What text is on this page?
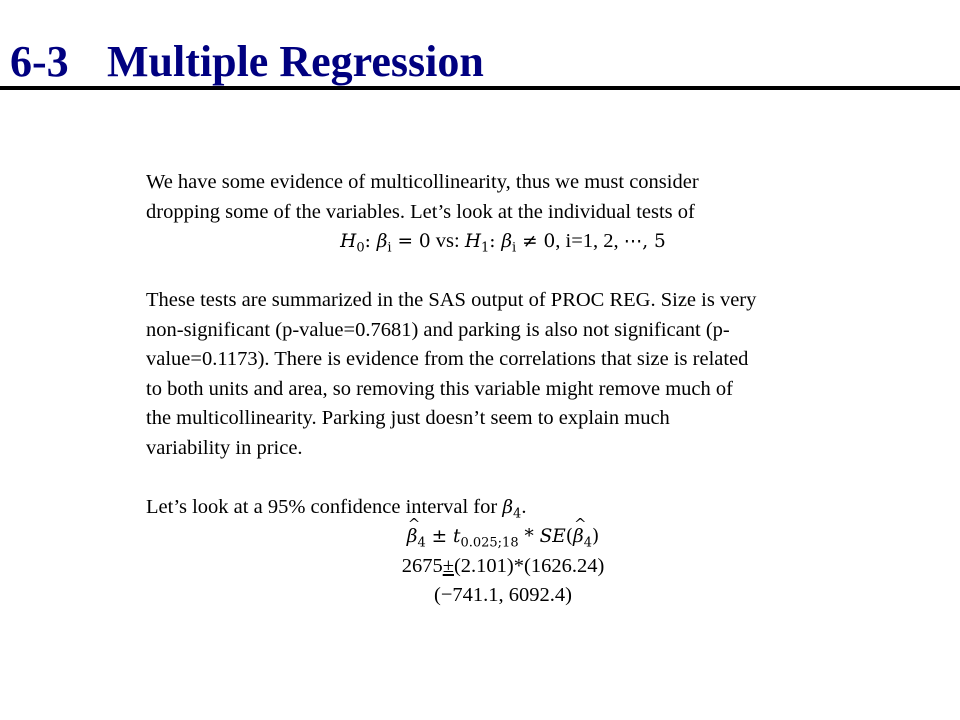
6-3 Multiple Regression
We have some evidence of multicollinearity, thus we must consider
dropping some of the variables. Let’s look at the individual tests of
$H_0$: $\beta_i = 0$ vs: $H_1$: $\beta_i \ne 0$, i=1, 2, ⋯, 5
These tests are summarized in the SAS output of PROC REG. Size is very
non-significant (p-value=0.7681) and parking is also not significant (p-
value=0.1173). There is evidence from the correlations that size is related
to both units and area, so removing this variable might remove much of
the multicollinearity. Parking just doesn’t seem to explain much
variability in price.
Let’s look at a 95% confidence interval for $\beta_4$.
^ $\beta_4 \pm t_{0.025;18}$ * SE(^ $\beta_4$)
2675±(2.101)*(1626.24)
(−741.1, 6092.4)
